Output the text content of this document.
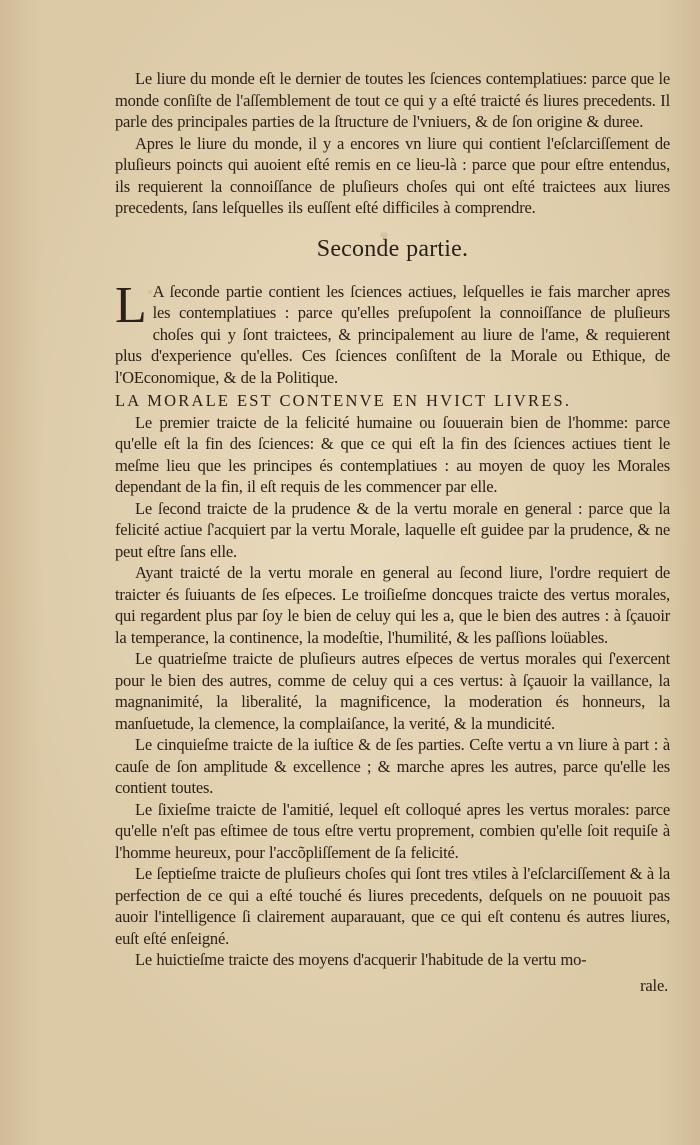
Le liure du monde eſt le dernier de toutes les ſciences contemplatiues: parce que le monde conſiſte de l'aſſemblement de tout ce qui y a eſté traicté és liures precedents. Il parle des principales parties de la ſtructure de l'vniuers, & de ſon origine & duree.

Apres le liure du monde, il y a encores vn liure qui contient l'eſclarciſſement de pluſieurs poincts qui auoient eſté remis en ce lieu-là : parce que pour eſtre entendus, ils requierent la connoiſſance de pluſieurs choſes qui ont eſté traictees aux liures precedents, ſans leſquelles ils euſſent eſté difficiles à comprendre.

Seconde partie.

L A ſeconde partie contient les ſciences actiues, leſquelles ie fais marcher apres les contemplatiues : parce qu'elles preſupoſent la connoiſſance de pluſieurs choſes qui y ſont traictees, & principalement au liure de l'ame, & requierent plus d'experience qu'elles. Ces ſciences conſiſtent de la Morale ou Ethique, de l'OEconomique, & de la Politique.

LA MORALE EST CONTENVE EN HVICT LIVRES.

Le premier traicte de la felicité humaine ou ſouuerain bien de l'homme: parce qu'elle eſt la fin des ſciences: & que ce qui eſt la fin des ſciences actiues tient le meſme lieu que les principes és contemplatiues : au moyen de quoy les Morales dependant de la fin, il eſt requis de les commencer par elle.

Le ſecond traicte de la prudence & de la vertu morale en general : parce que la felicité actiue ſ'acquiert par la vertu Morale, laquelle eſt guidee par la prudence, & ne peut eſtre ſans elle.

Ayant traicté de la vertu morale en general au ſecond liure, l'ordre requiert de traicter és ſuiuants de ſes eſpeces. Le troiſieſme doncques traicte des vertus morales, qui regardent plus par ſoy le bien de celuy qui les a, que le bien des autres : à ſçauoir la temperance, la continence, la modeſtie, l'humilité, & les paſſions loüables.

Le quatrieſme traicte de pluſieurs autres eſpeces de vertus morales qui ſ'exercent pour le bien des autres, comme de celuy qui a ces vertus: à ſçauoir la vaillance, la magnanimité, la liberalité, la magnificence, la moderation és honneurs, la manſuetude, la clemence, la complaiſance, la verité, & la mundicité.

Le cinquieſme traicte de la iuſtice & de ſes parties. Ceſte vertu a vn liure à part : à cauſe de ſon amplitude & excellence ; & marche apres les autres, parce qu'elle les contient toutes.

Le ſixieſme traicte de l'amitié, lequel eſt colloqué apres les vertus morales: parce qu'elle n'eſt pas eſtimee de tous eſtre vertu proprement, combien qu'elle ſoit requiſe à l'homme heureux, pour l'accõpliſſement de ſa felicité.

Le ſeptieſme traicte de pluſieurs choſes qui ſont tres vtiles à l'eſclarciſſement & à la perfection de ce qui a eſté touché és liures precedents, deſquels on ne pouuoit pas auoir l'intelligence ſi clairement auparauant, que ce qui eſt contenu és autres liures, euſt eſté enſeigné.

Le huictieſme traicte des moyens d'acquerir l'habitude de la vertu mo-

rale.
